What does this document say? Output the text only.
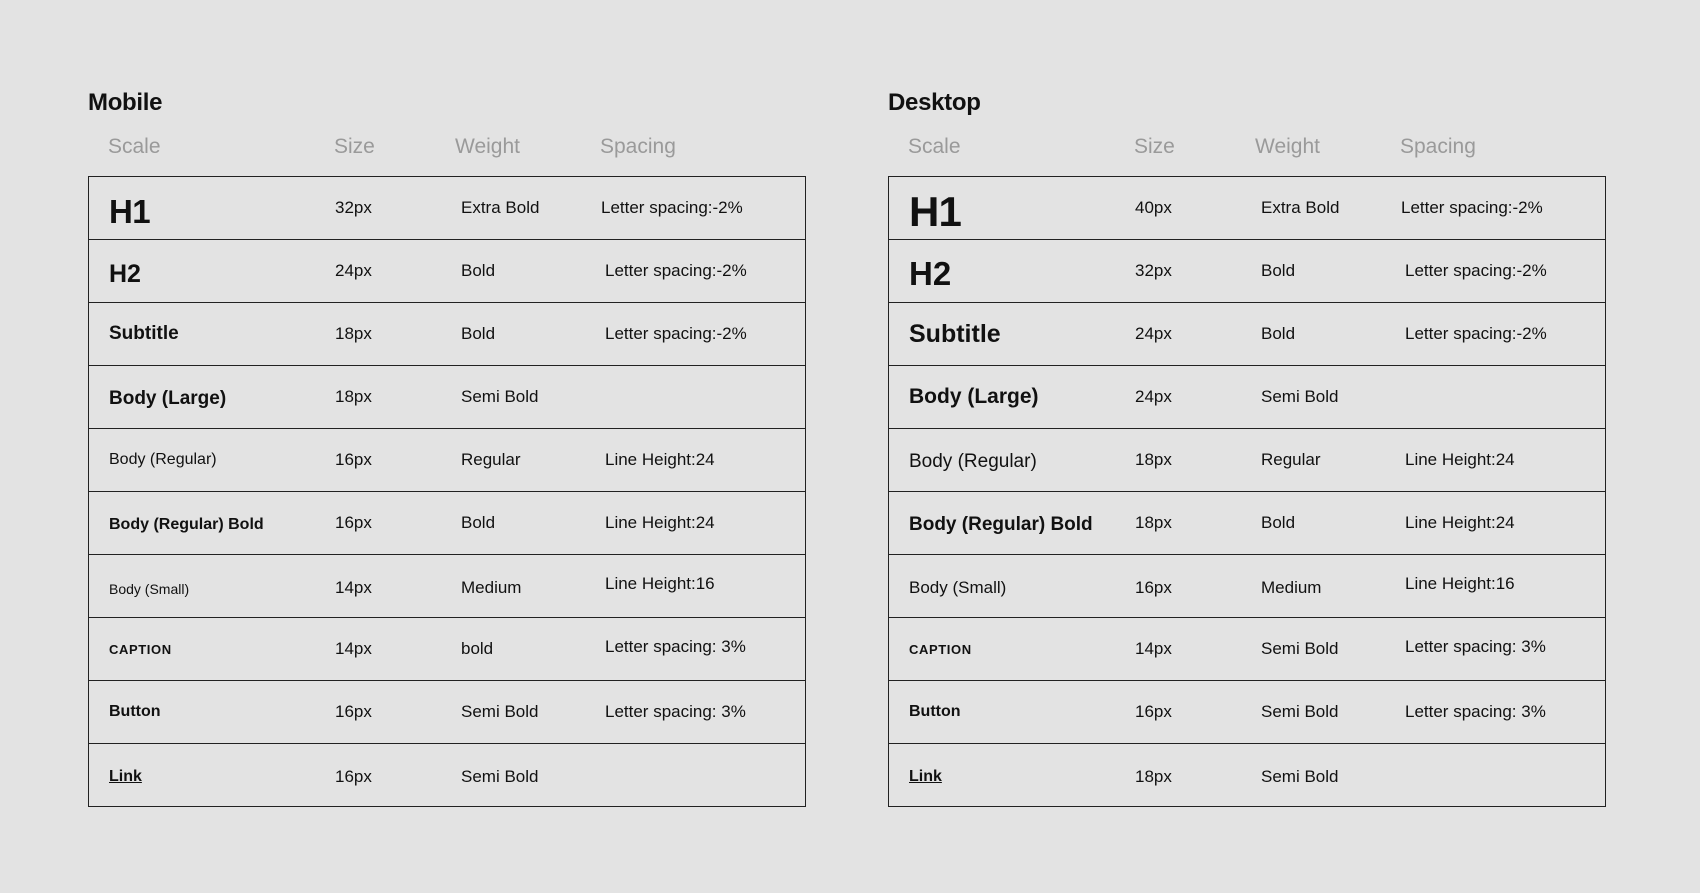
Mobile
Scale	Size	Weight	Spacing
H1	32px	Extra Bold	Letter spacing:-2%
H2	24px	Bold	Letter spacing:-2%
Subtitle	18px	Bold	Letter spacing:-2%
Body (Large)	18px	Semi Bold
Body (Regular)	16px	Regular	Line Height:24
Body (Regular) Bold	16px	Bold	Line Height:24
Body (Small)	14px	Medium	Line Height:16
CAPTION	14px	bold	Letter spacing: 3%
Button	16px	Semi Bold	Letter spacing: 3%
Link	16px	Semi Bold
Desktop
Scale	Size	Weight	Spacing
H1	40px	Extra Bold	Letter spacing:-2%
H2	32px	Bold	Letter spacing:-2%
Subtitle	24px	Bold	Letter spacing:-2%
Body (Large)	24px	Semi Bold
Body (Regular)	18px	Regular	Line Height:24
Body (Regular) Bold 18px	Bold	Line Height:24
Body (Small)	16px	Medium	Line Height:16
CAPTION	14px	Semi Bold	Letter spacing: 3%
Button	16px	Semi Bold	Letter spacing: 3%
Link	18px	Semi Bold
